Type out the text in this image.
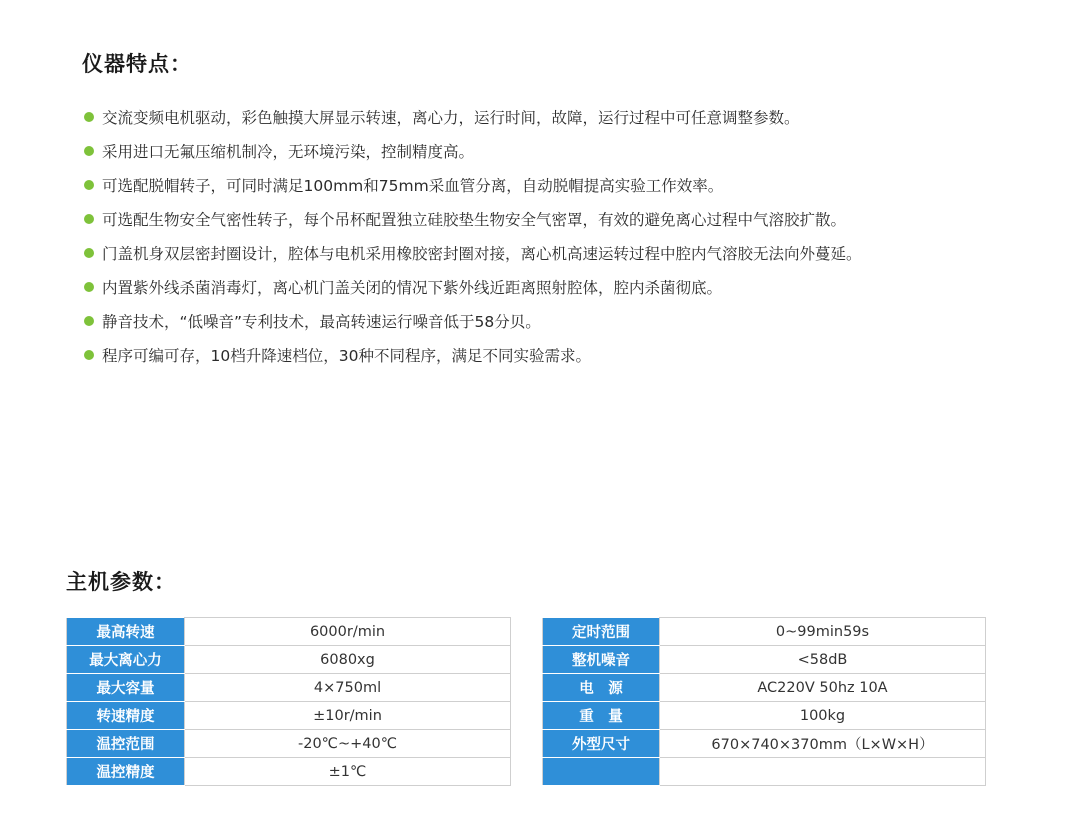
仪器特点：
交流变频电机驱动，彩色触摸大屏显示转速，离心力，运行时间，故障，运行过程中可任意调整参数。
采用进口无氟压缩机制冷，无环境污染，控制精度高。
可选配脱帽转子，可同时满足100mm和75mm采血管分离，自动脱帽提高实验工作效率。
可选配生物安全气密性转子，每个吊杯配置独立硅胶垫生物安全气密罩，有效的避免离心过程中气溶胶扩散。
门盖机身双层密封圈设计，腔体与电机采用橡胶密封圈对接，离心机高速运转过程中腔内气溶胶无法向外蔓延。
内置紫外线杀菌消毒灯，离心机门盖关闭的情况下紫外线近距离照射腔体，腔内杀菌彻底。
静音技术，“低噪音”专利技术，最高转速运行噪音低于58分贝。
程序可编可存，10档升降速档位，30种不同程序，满足不同实验需求。
主机参数：
最高转速	6000r/min
最大离心力	6080xg
最大容量	4×750ml
转速精度	±10r/min
温控范围	-20℃~+40℃
温控精度	±1℃
定时范围	0~99min59s
整机噪音	<58dB
电　源	AC220V 50hz 10A
重　量	100kg
外型尺寸	670×740×370mm（L×W×H）
